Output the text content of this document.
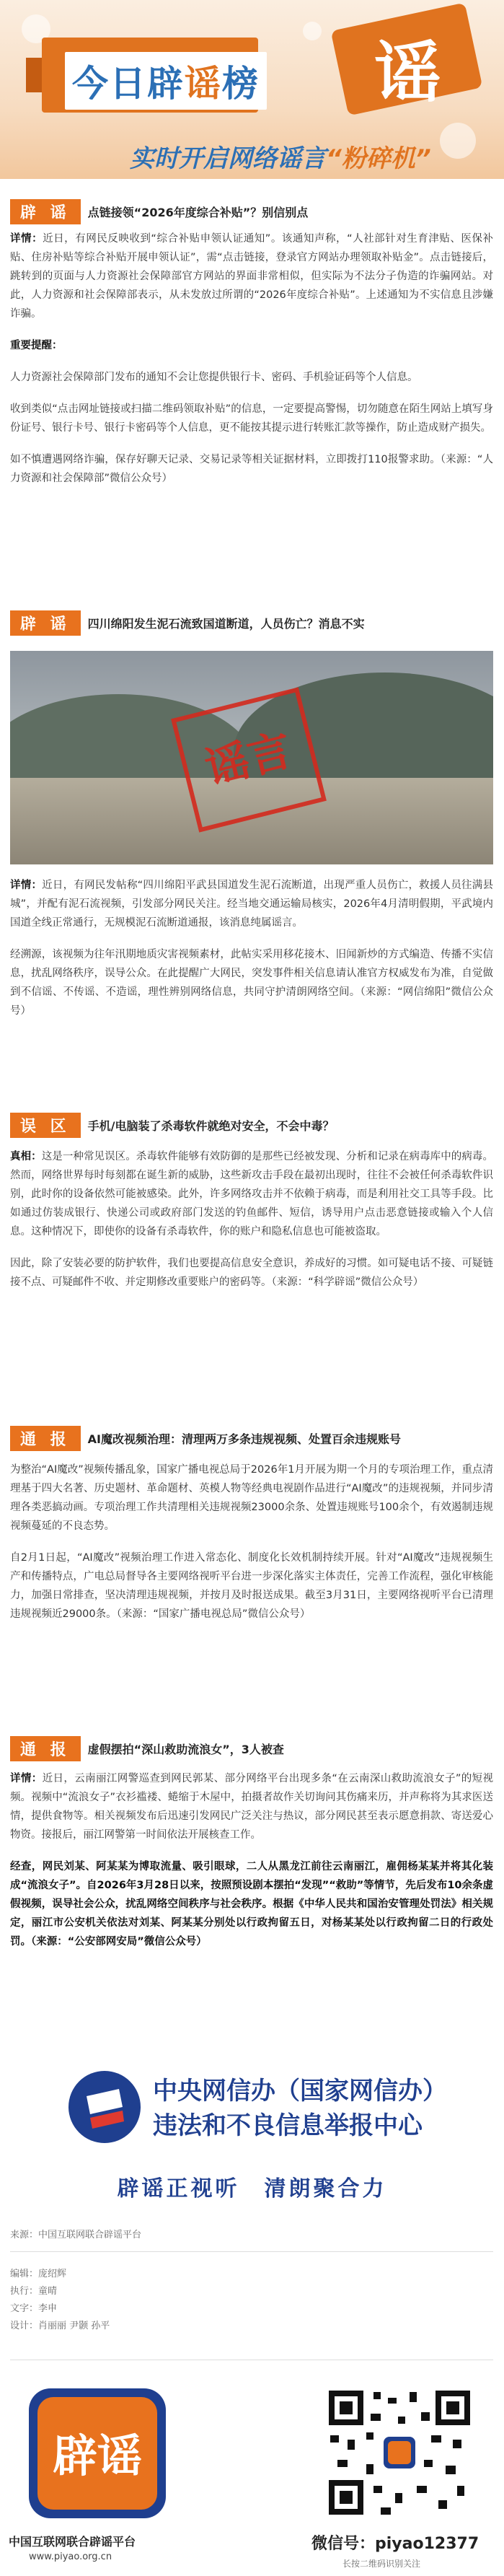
今日辟谣榜 谣
实时开启网络谣言“粉碎机”
辟 谣	点链接领“2026年度综合补贴”？别信别点

详情：近日，有网民反映收到“综合补贴申领认证通知”。该通知声称，“人社部针对生育津贴、医保补贴、住房补贴等综合补贴开展申领认证”，需“点击链接，登录官方网站办理领取补贴金”。点击链接后，跳转到的页面与人力资源社会保障部官方网站的界面非常相似，但实际为不法分子伪造的诈骗网站。对此，人力资源和社会保障部表示，从未发放过所谓的“2026年度综合补贴”。上述通知为不实信息且涉嫌诈骗。

重要提醒：

人力资源社会保障部门发布的通知不会让您提供银行卡、密码、手机验证码等个人信息。

收到类似“点击网址链接或扫描二维码领取补贴”的信息，一定要提高警惕，切勿随意在陌生网站上填写身份证号、银行卡号、银行卡密码等个人信息，更不能按其提示进行转账汇款等操作，防止造成财产损失。

如不慎遭遇网络诈骗，保存好聊天记录、交易记录等相关证据材料，立即拨打110报警求助。（来源：“人力资源和社会保障部”微信公众号）

辟 谣	四川绵阳发生泥石流致国道断道，人员伤亡？消息不实
谣言

详情：近日，有网民发帖称“四川绵阳平武县国道发生泥石流断道，出现严重人员伤亡，救援人员往满县城”，并配有泥石流视频，引发部分网民关注。经当地交通运输局核实，2026年4月清明假期，平武境内国道全线正常通行，无规模泥石流断道通报，该消息纯属谣言。

经溯源，该视频为往年汛期地质灾害视频素材，此帖实采用移花接木、旧闻新炒的方式编造、传播不实信息，扰乱网络秩序，误导公众。在此提醒广大网民，突发事件相关信息请认准官方权威发布为准，自觉做到不信谣、不传谣、不造谣，理性辨别网络信息，共同守护清朗网络空间。（来源：“网信绵阳”微信公众号）

误 区	手机/电脑装了杀毒软件就绝对安全，不会中毒？

真相：这是一种常见误区。杀毒软件能够有效防御的是那些已经被发现、分析和记录在病毒库中的病毒。然而，网络世界每时每刻都在诞生新的威胁，这些新攻击手段在最初出现时，往往不会被任何杀毒软件识别，此时你的设备依然可能被感染。此外，许多网络攻击并不依赖于病毒，而是利用社交工具等手段。比如通过仿装成银行、快递公司或政府部门发送的钓鱼邮件、短信，诱导用户点击恶意链接或输入个人信息。这种情况下，即使你的设备有杀毒软件，你的账户和隐私信息也可能被盗取。

因此，除了安装必要的防护软件，我们也要提高信息安全意识，养成好的习惯。如可疑电话不接、可疑链接不点、可疑邮件不收、并定期修改重要账户的密码等。（来源：“科学辟谣”微信公众号）

通 报	AI魔改视频治理：清理两万多条违规视频、处置百余违规账号

为整治“AI魔改”视频传播乱象，国家广播电视总局于2026年1月开展为期一个月的专项治理工作，重点清理基于四大名著、历史题材、革命题材、英模人物等经典电视剧作品进行“AI魔改”的违规视频，并同步清理各类恶搞动画。专项治理工作共清理相关违规视频23000余条、处置违规账号100余个，有效遏制违规视频蔓延的不良态势。

自2月1日起，“AI魔改”视频治理工作进入常态化、制度化长效机制持续开展。针对“AI魔改”违规视频生产和传播特点，广电总局督导各主要网络视听平台进一步深化落实主体责任，完善工作流程，强化审核能力，加强日常排查，坚决清理违规视频，并按月及时报送成果。截至3月31日，主要网络视听平台已清理违规视频近29000条。（来源：“国家广播电视总局”微信公众号）

通 报	虚假摆拍“深山救助流浪女”，3人被查

详情：近日，云南丽江网警巡查到网民郭某、部分网络平台出现多条“在云南深山救助流浪女子”的短视频。视频中“流浪女子”衣衫褴褛、蜷缩于木屋中，拍摄者故作关切询问其伤痛来历，并声称将为其求医送情，提供食物等。相关视频发布后迅速引发网民广泛关注与热议，部分网民甚至表示愿意捐款、寄送爱心物资。接报后，丽江网警第一时间依法开展核查工作。

经查，网民刘某、阿某某为博取流量、吸引眼球，二人从黑龙江前往云南丽江，雇佣杨某某并将其化装成“流浪女子”。自2026年3月28日以来，按照预设剧本摆拍“发现”“救助”等情节，先后发布10余条虚假视频，误导社会公众，扰乱网络空间秩序与社会秩序。根据《中华人民共和国治安管理处罚法》相关规定，丽江市公安机关依法对刘某、阿某某分别处以行政拘留五日，对杨某某处以行政拘留二日的行政处罚。（来源：“公安部网安局”微信公众号）

中央网信办（国家网信办）
违法和不良信息举报中心
辟谣正视听　清朗聚合力
来源：中国互联网联合辟谣平台
编辑：庞绍辉
执行：童晴
文字：李申
设计：肖丽丽 尹颢 孙平
辟谣
中国互联网联合辟谣平台
www.piyao.org.cn
微信号：piyao12377
长按二维码识别关注
